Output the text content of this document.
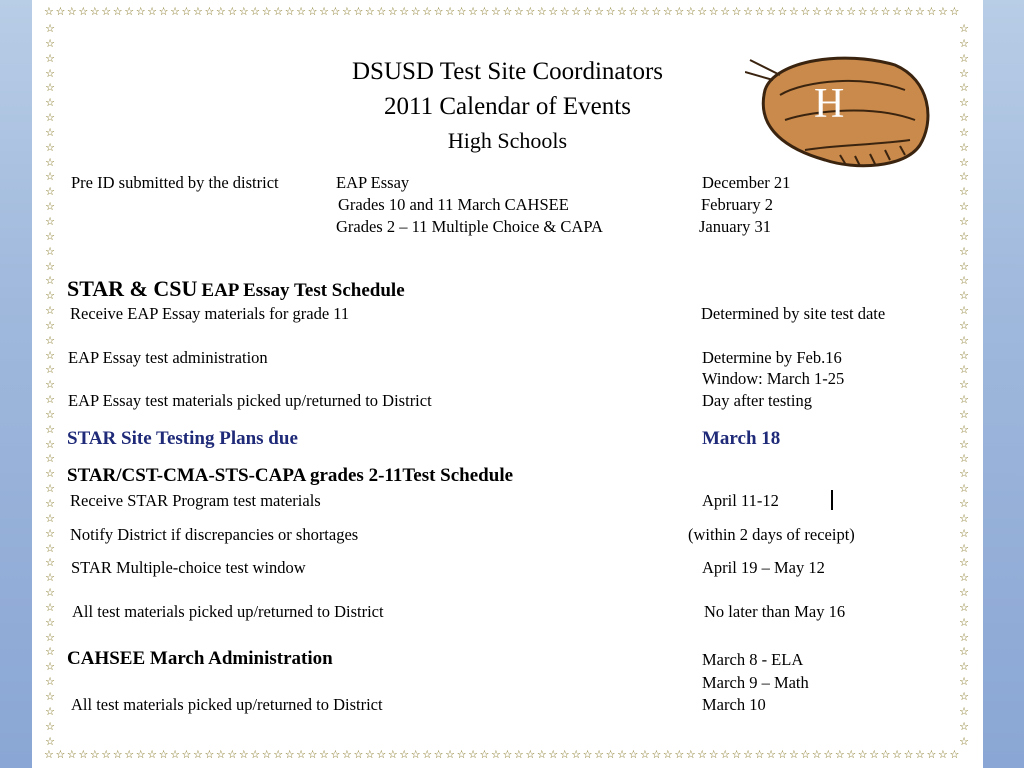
☆☆☆☆☆☆☆☆☆☆☆☆☆☆☆☆☆☆☆☆☆☆☆☆☆☆☆☆☆☆☆☆☆☆☆☆☆☆☆☆☆☆☆☆☆☆☆☆☆☆☆☆☆☆☆☆☆☆☆☆☆☆☆☆☆☆☆☆☆☆☆☆☆☆☆☆☆☆☆☆
☆☆☆☆☆☆☆☆☆☆☆☆☆☆☆☆☆☆☆☆☆☆☆☆☆☆☆☆☆☆☆☆☆☆☆☆☆☆☆☆☆☆☆☆☆☆☆☆☆☆☆☆☆☆☆☆☆☆☆☆☆☆☆☆☆☆☆☆☆☆☆☆☆☆☆☆☆☆☆☆
☆
☆
☆
☆
☆
☆
☆
☆
☆
☆
☆
☆
☆
☆
☆
☆
☆
☆
☆
☆
☆
☆
☆
☆
☆
☆
☆
☆
☆
☆
☆
☆
☆
☆
☆
☆
☆
☆
☆
☆
☆
☆
☆
☆
☆
☆
☆
☆
☆

☆
☆
☆
☆
☆
☆
☆
☆
☆
☆
☆
☆
☆
☆
☆
☆
☆
☆
☆
☆
☆
☆
☆
☆
☆
☆
☆
☆
☆
☆
☆
☆
☆
☆
☆
☆
☆
☆
☆
☆
☆
☆
☆
☆
☆
☆
☆
☆
☆

DSUSD Test Site Coordinators
2011 Calendar of Events
High Schools
H
Pre ID submitted by the district	EAP Essay	December 21
Grades 10 and 11 March CAHSEE	February 2
Grades 2 – 11 Multiple Choice & CAPA	January 31
STAR & CSU EAP Essay Test Schedule
Receive EAP Essay materials for grade 11	Determined by site test date
EAP Essay test administration	Determine by Feb.16
Window: March 1-25
EAP Essay test materials picked up/returned to District	Day after testing
STAR Site Testing Plans due	March 18
STAR/CST-CMA-STS-CAPA grades 2-11Test Schedule
Receive STAR Program test materials	April 11-12
Notify District if discrepancies or shortages	(within 2 days of receipt)
STAR Multiple-choice test window	April 19 – May 12
All test materials picked up/returned to District	No later than May 16
CAHSEE March Administration	March 8 - ELA
March 9 – Math
All test materials picked up/returned to District	March 10
